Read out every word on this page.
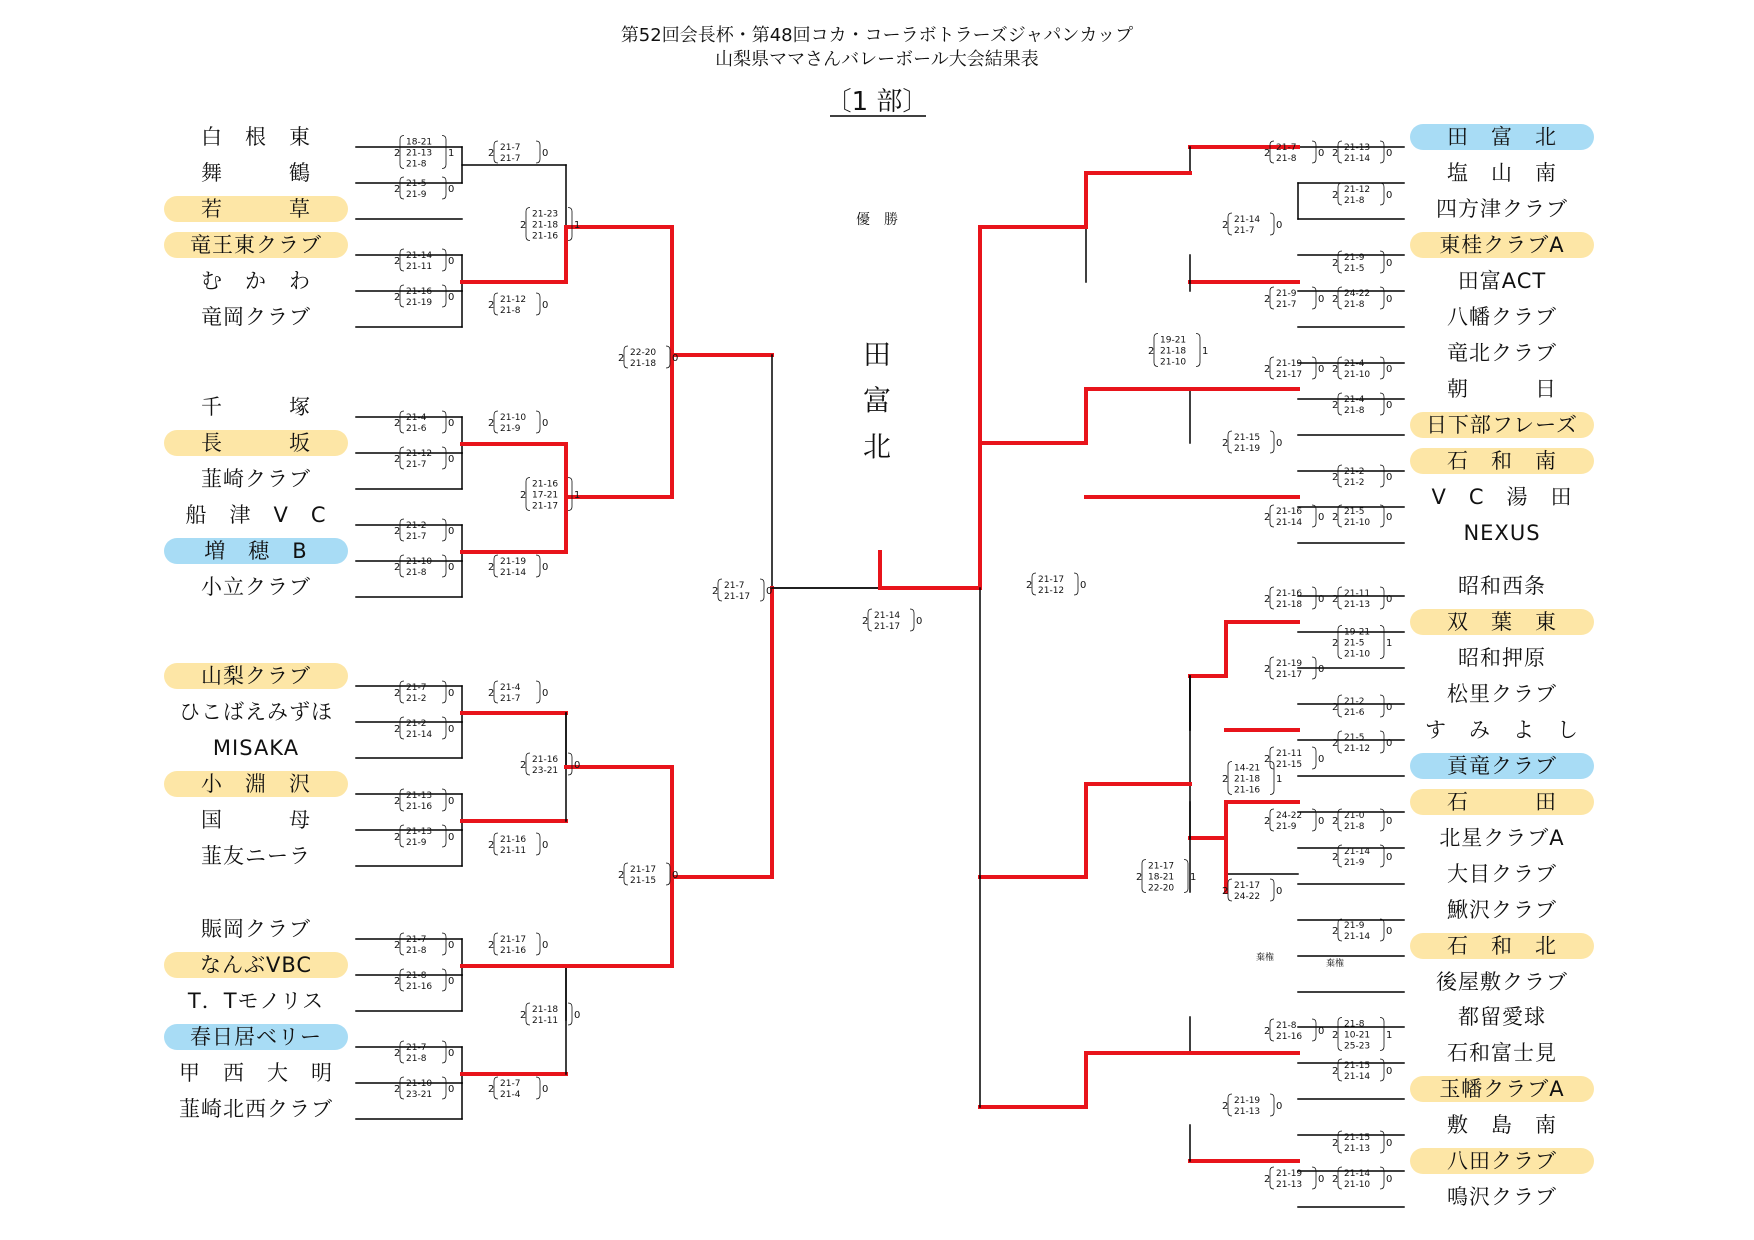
第52回会長杯・第48回コカ・コーラボトラーズジャパンカップ
山梨県ママさんバレーボール大会結果表
〔1 部〕
優　勝
田
富
北
白　根　東
舞　　　鶴
若　　　草
竜王東クラブ
む　か　わ
竜岡クラブ
千　　　塚
長　　　坂
韮崎クラブ
船　津　V　C
増　穂　B
小立クラブ
山梨クラブ
ひこばえみずほ
MISAKA
小　淵　沢
国　　　母
韮友ニーラ
賑岡クラブ
なんぶVBC
T．Tモノリス
春日居ベリー
甲　西　大　明
韮崎北西クラブ
田　富　北
塩　山　南
四方津クラブ
東桂クラブA
田富ACT
八幡クラブ
竜北クラブ
朝　　　日
日下部フレーズ
石　和　南
V　C　湯　田
NEXUS
昭和西条
双　葉　東
昭和押原
松里クラブ
す　み　よ　し
貢竜クラブ
石　　　田
北星クラブA
大目クラブ
鰍沢クラブ
石　和　北
後屋敷クラブ
都留愛球
石和富士見
玉幡クラブA
敷　島　南
八田クラブ
鳴沢クラブ
2
18-21
21-13
21-8
1
2 21-5
21-9 0
2 21-7
21-7 0
2 21-14
21-11 0
2 21-16
21-19 0
2 21-12
21-8 0
2
21-23
21-18
21-16
1
2 22-20
21-18 0
2 21-4
21-6 0	2 21-10
21-9 0
2 21-12
21-7 0
2
21-16
17-21
21-17
1
2 21-2
21-7 0
2 21-10
21-8 0	2 21-19
21-14 0
2 21-7
21-17 0
2 21-14
21-17 0
2 21-7
21-2 0	2 21-4
21-7 0
2 21-2
21-14 0
2 21-16
23-21 0
2 21-13
21-16 0
2 21-13
21-9 0
2 21-16
21-11 0
2 21-17
21-15 0
2 21-7
21-8 0	2 21-17
21-16 0
2 21-8
21-16 0
2 21-18
21-11 0
2 21-7
21-8 0
2 21-10
23-21 0	2 21-7
21-4 0
2 21-7
21-8 0 2 21-13
21-14 0
2 21-12
21-8 0
2 21-14
21-7 0
2 21-9
21-5 0
2 21-9
21-7 0 2 24-22
21-8 0
2
19-21
21-18
21-10
1
2 21-19
21-17 0 2 21-4
21-10 0
2 21-4
21-8 0
2 21-15
21-19 0
2 21-2
21-2 0
2 21-16
21-14 0 2 21-5
21-10 0
2 21-17
21-12 0
2 21-16
21-18 0 2 21-11
21-13 0
2
19-21
21-5
21-10
1
2 21-19
21-17 0
2 21-2
21-6 0
2 21-5
21-12 0
2 21-11
21-15 0
2
14-21
21-18
21-16
1
2 24-22
21-9 0 2 21-0
21-8 0
2 21-14
21-9 0
2 21-17
24-22 0
2 21-9
21-14 0
2
21-17
18-21
22-20
1
2 21-8
21-16 0 2
21-8
10-21
25-23
1
2 21-15
21-14 0
2 21-19
21-13 0
2 21-15
21-13 0
2 21-19
21-13 0 2 21-14
21-10 0
棄権
棄権
